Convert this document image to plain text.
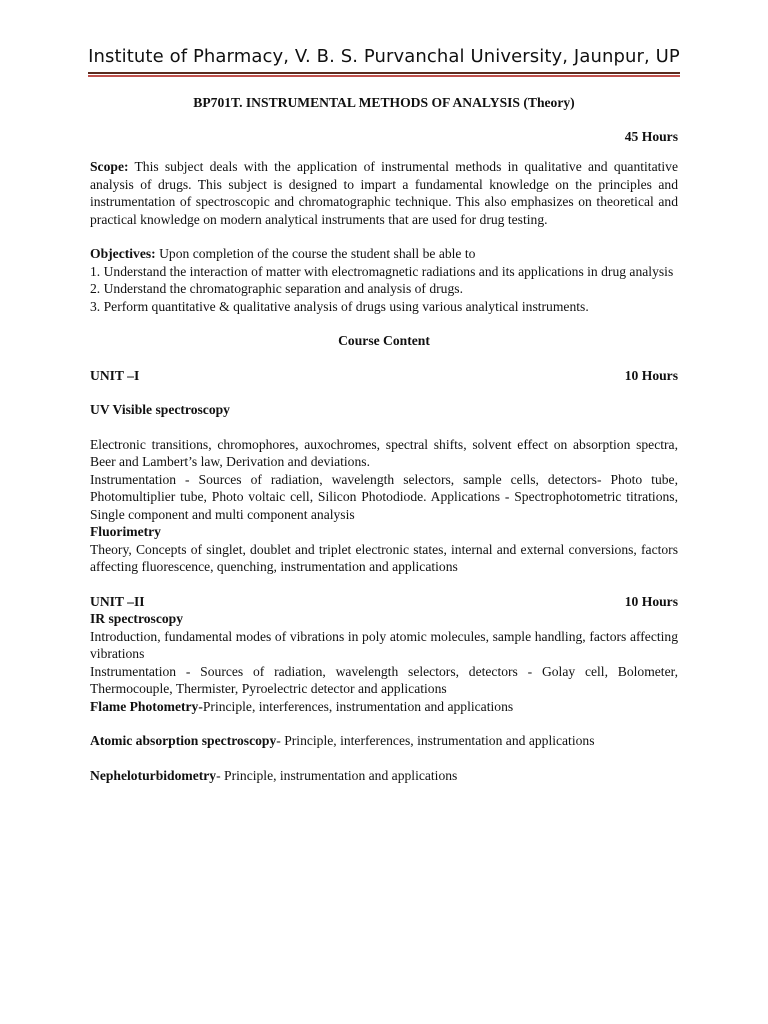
Institute of Pharmacy, V. B. S. Purvanchal University, Jaunpur, UP

BP701T. INSTRUMENTAL METHODS OF ANALYSIS (Theory)

45 Hours

Scope: This subject deals with the application of instrumental methods in qualitative and quantitative analysis of drugs. This subject is designed to impart a fundamental knowledge on the principles and instrumentation of spectroscopic and chromatographic technique. This also emphasizes on theoretical and practical knowledge on modern analytical instruments that are used for drug testing.

Objectives: Upon completion of the course the student shall be able to

1. Understand the interaction of matter with electromagnetic radiations and its applications in drug analysis

2. Understand the chromatographic separation and analysis of drugs.

3. Perform quantitative & qualitative analysis of drugs using various analytical instruments.

Course Content

UNIT –I	10 Hours

UV Visible spectroscopy

Electronic transitions, chromophores, auxochromes, spectral shifts, solvent effect on absorption spectra, Beer and Lambert’s law, Derivation and deviations.

Instrumentation - Sources of radiation, wavelength selectors, sample cells, detectors- Photo tube, Photomultiplier tube, Photo voltaic cell, Silicon Photodiode. Applications - Spectrophotometric titrations, Single component and multi component analysis

Fluorimetry

Theory, Concepts of singlet, doublet and triplet electronic states, internal and external conversions, factors affecting fluorescence, quenching, instrumentation and applications

UNIT –II	10 Hours

IR spectroscopy

Introduction, fundamental modes of vibrations in poly atomic molecules, sample handling, factors affecting vibrations

Instrumentation - Sources of radiation, wavelength selectors, detectors - Golay cell, Bolometer, Thermocouple, Thermister, Pyroelectric detector and applications

Flame Photometry-Principle, interferences, instrumentation and applications

Atomic absorption spectroscopy- Principle, interferences, instrumentation and applications

Nepheloturbidometry- Principle, instrumentation and applications
